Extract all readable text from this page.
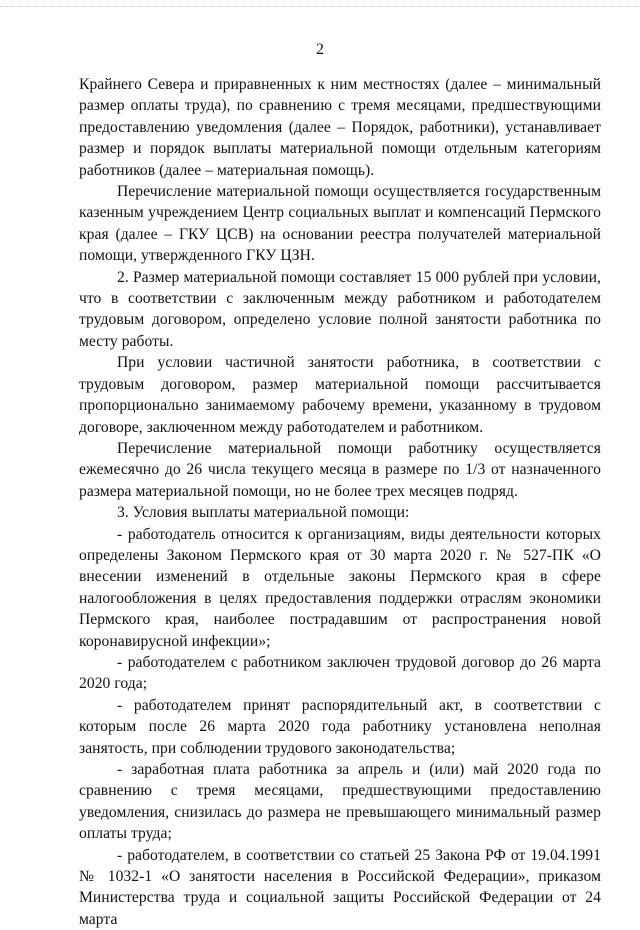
2

Крайнего Севера и приравненных к ним местностях (далее – минимальный размер оплаты труда), по сравнению с тремя месяцами, предшествующими предоставлению уведомления (далее – Порядок, работники), устанавливает размер и порядок выплаты материальной помощи отдельным категориям работников (далее – материальная помощь).

Перечисление материальной помощи осуществляется государственным казенным учреждением Центр социальных выплат и компенсаций Пермского края (далее – ГКУ ЦСВ) на основании реестра получателей материальной помощи, утвержденного ГКУ ЦЗН.

2. Размер материальной помощи составляет 15 000 рублей при условии, что в соответствии с заключенным между работником и работодателем трудовым договором, определено условие полной занятости работника по месту работы.

При условии частичной занятости работника, в соответствии с трудовым договором, размер материальной помощи рассчитывается пропорционально занимаемому рабочему времени, указанному в трудовом договоре, заключенном между работодателем и работником.

Перечисление материальной помощи работнику осуществляется ежемесячно до 26 числа текущего месяца в размере по 1/3 от назначенного размера материальной помощи, но не более трех месяцев подряд.

3. Условия выплаты материальной помощи:

- работодатель относится к организациям, виды деятельности которых определены Законом Пермского края от 30 марта 2020 г. № 527-ПК «О внесении изменений в отдельные законы Пермского края в сфере налогообложения в целях предоставления поддержки отраслям экономики Пермского края, наиболее пострадавшим от распространения новой коронавирусной инфекции»;

- работодателем с работником заключен трудовой договор до 26 марта 2020 года;

- работодателем принят распорядительный акт, в соответствии с которым после 26 марта 2020 года работнику установлена неполная занятость, при соблюдении трудового законодательства;

- заработная плата работника за апрель и (или) май 2020 года по сравнению с тремя месяцами, предшествующими предоставлению уведомления, снизилась до размера не превышающего минимальный размер оплаты труда;

- работодателем, в соответствии со статьей 25 Закона РФ от 19.04.1991 № 1032-1 «О занятости населения в Российской Федерации», приказом Министерства труда и социальной защиты Российской Федерации от 24 марта
